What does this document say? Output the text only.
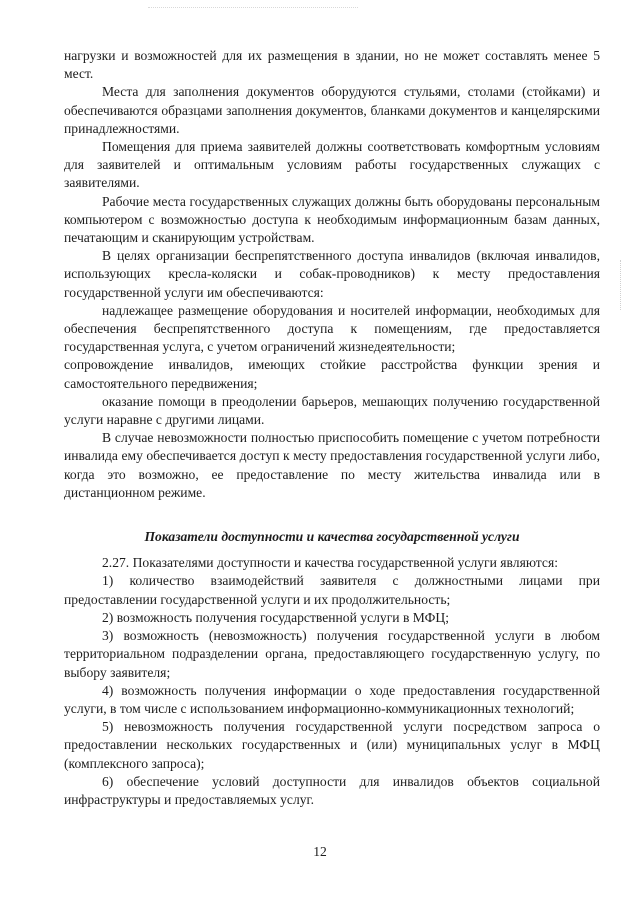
нагрузки и возможностей для их размещения в здании, но не может составлять менее 5 мест.

Места для заполнения документов оборудуются стульями, столами (стойками) и обеспечиваются образцами заполнения документов, бланками документов и канцелярскими принадлежностями.

Помещения для приема заявителей должны соответствовать комфортным условиям для заявителей и оптимальным условиям работы государственных служащих с заявителями.

Рабочие места государственных служащих должны быть оборудованы персональным компьютером с возможностью доступа к необходимым информационным базам данных, печатающим и сканирующим устройствам.

В целях организации беспрепятственного доступа инвалидов (включая инвалидов, использующих кресла-коляски и собак-проводников) к месту предоставления государственной услуги им обеспечиваются:

надлежащее размещение оборудования и носителей информации, необходимых для обеспечения беспрепятственного доступа к помещениям, где предоставляется государственная услуга, с учетом ограничений жизнедеятельности;

сопровождение инвалидов, имеющих стойкие расстройства функции зрения и самостоятельного передвижения;

оказание помощи в преодолении барьеров, мешающих получению государственной услуги наравне с другими лицами.

В случае невозможности полностью приспособить помещение с учетом потребности инвалида ему обеспечивается доступ к месту предоставления государственной услуги либо, когда это возможно, ее предоставление по месту жительства инвалида или в дистанционном режиме.

Показатели доступности и качества государственной услуги

2.27. Показателями доступности и качества государственной услуги являются:

1) количество взаимодействий заявителя с должностными лицами при предоставлении государственной услуги и их продолжительность;

2) возможность получения государственной услуги в МФЦ;

3) возможность (невозможность) получения государственной услуги в любом территориальном подразделении органа, предоставляющего государственную услугу, по выбору заявителя;

4) возможность получения информации о ходе предоставления государственной услуги, в том числе с использованием информационно-коммуникационных технологий;

5) невозможность получения государственной услуги посредством запроса о предоставлении нескольких государственных и (или) муниципальных услуг в МФЦ (комплексного запроса);

6) обеспечение условий доступности для инвалидов объектов социальной инфраструктуры и предоставляемых услуг.

12
